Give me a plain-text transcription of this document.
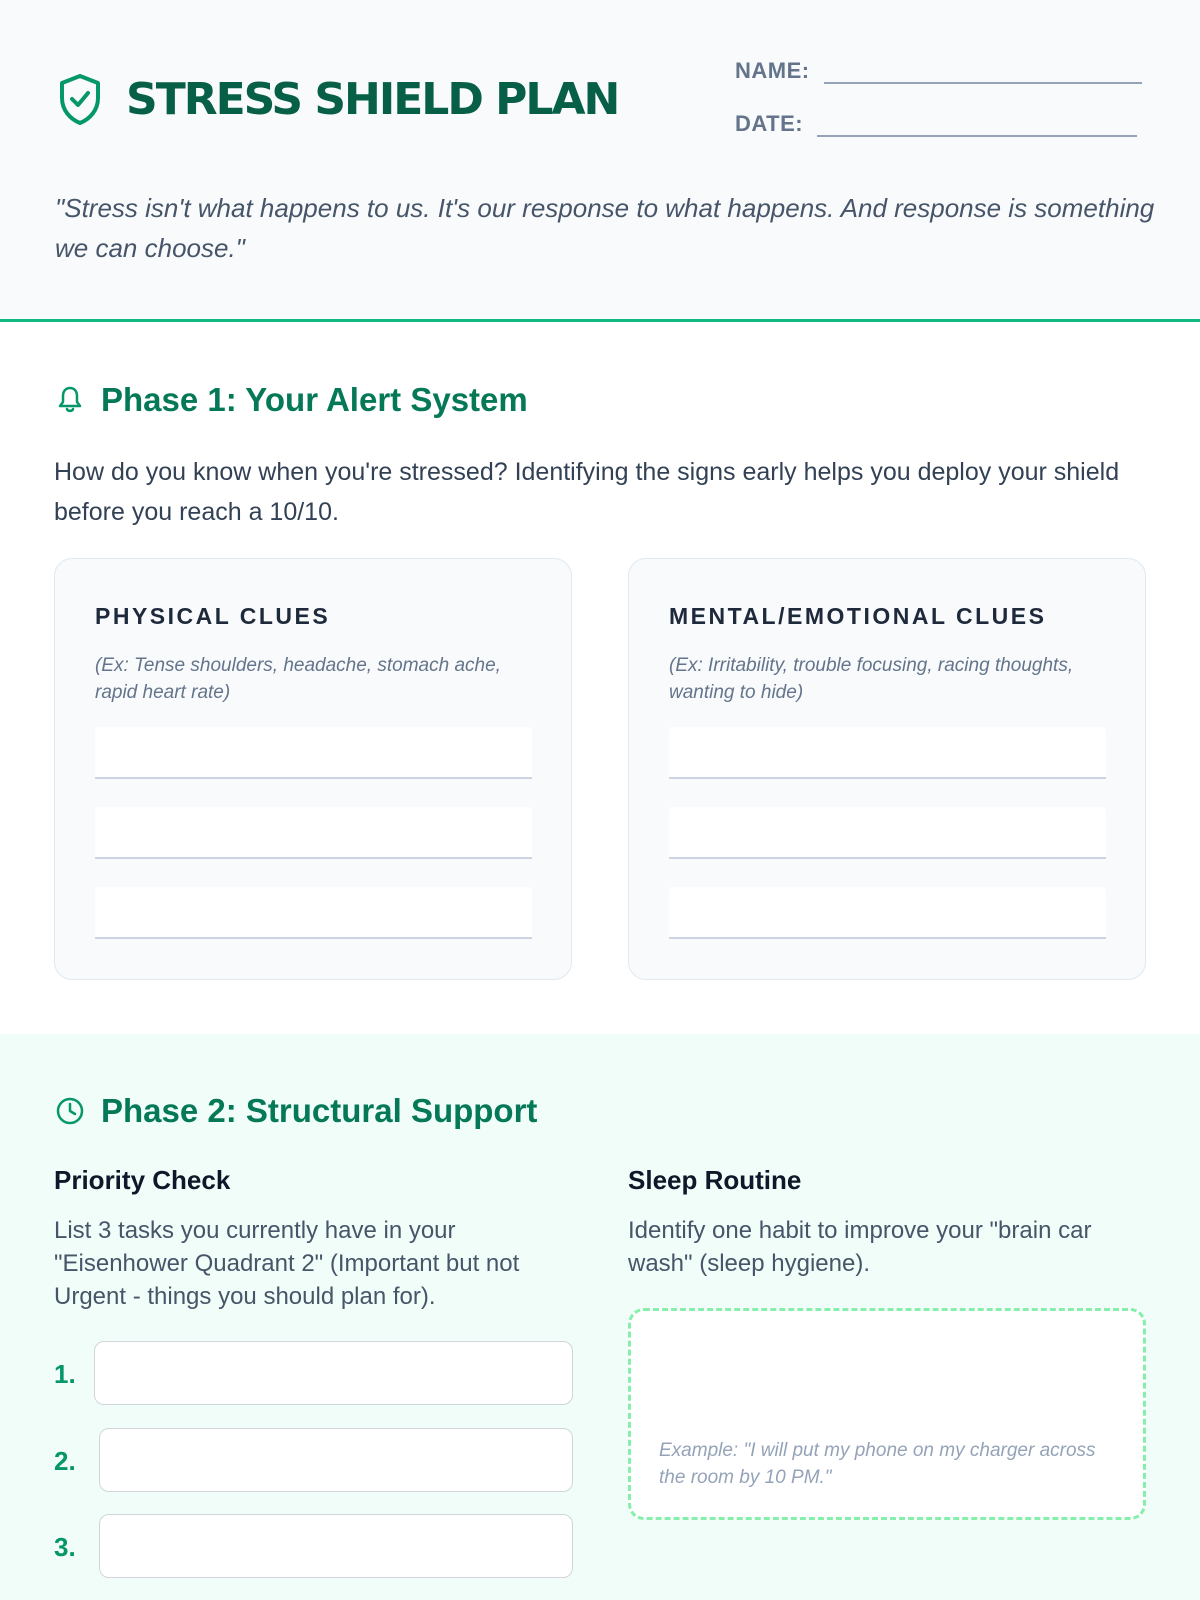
STRESS SHIELD PLAN
NAME:
DATE:
"Stress isn't what happens to us. It's our response to what happens. And response is something we can choose."
Phase 1: Your Alert System
How do you know when you're stressed? Identifying the signs early helps you deploy your shield before you reach a 10/10.
PHYSICAL CLUES
(Ex: Tense shoulders, headache, stomach ache, rapid heart rate)
MENTAL/EMOTIONAL CLUES
(Ex: Irritability, trouble focusing, racing thoughts, wanting to hide)
Phase 2: Structural Support
Priority Check
List 3 tasks you currently have in your "Eisenhower Quadrant 2" (Important but not Urgent - things you should plan for).
1.
2.
3.
Sleep Routine
Identify one habit to improve your "brain car wash" (sleep hygiene).
Example: "I will put my phone on my charger across the room by 10 PM."
